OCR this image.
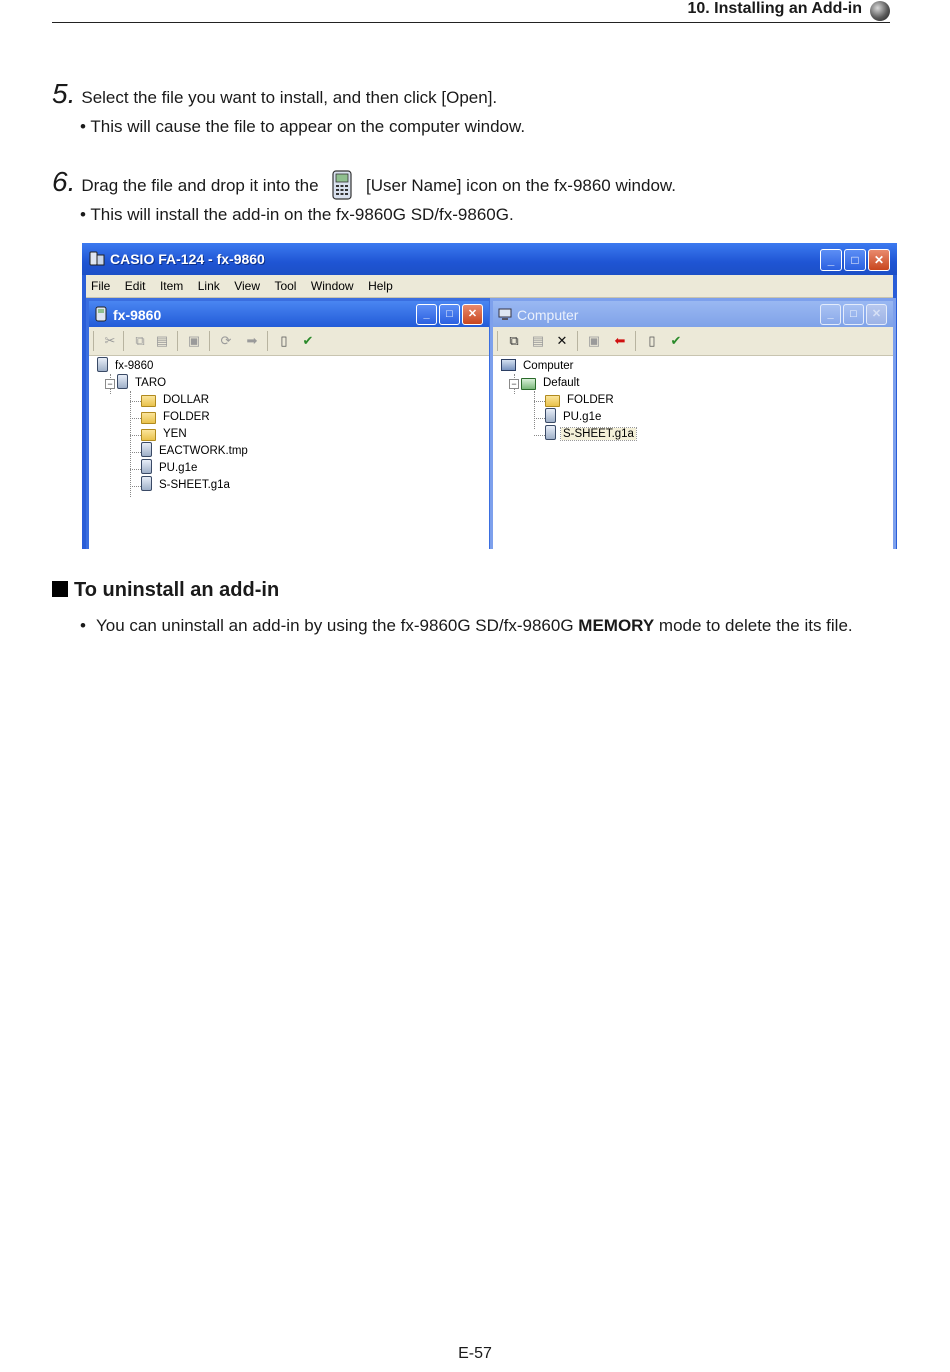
10. Installing an Add-in
5. Select the file you want to install, and then click [Open].
• This will cause the file to appear on the computer window.
6. Drag the file and drop it into the	[User Name] icon on the fx-9860 window.
• This will install the add-in on the fx-9860G SD/fx-9860G.
CASIO FA-124 - fx-9860	_	□	✕
File Edit Item Link View Tool Window Help
fx-9860	_	□	✕
✂	⧉ ▤ ▣ ⟳ ➡	▯	✔
−
fx-9860
TARO
DOLLAR
FOLDER
YEN
EACTWORK.tmp
PU.g1e
S-SHEET.g1a
Computer	_	□	✕
⧉	▤ ✕ ▣ ⬅	▯	✔
−
Computer
Default
FOLDER
PU.g1e
S-SHEET.g1a
To uninstall an add-in
• You can uninstall an add-in by using the fx-9860G SD/fx-9860G MEMORY mode to delete the its file.
E-57
